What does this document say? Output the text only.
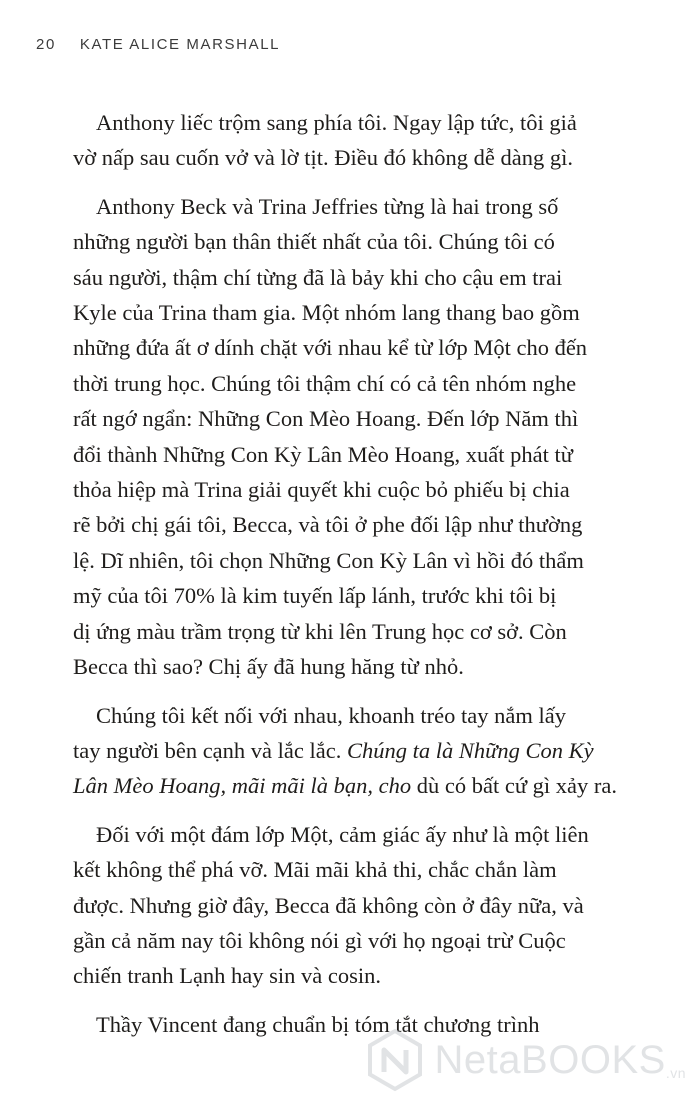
20 KATE ALICE MARSHALL
Anthony liếc trộm sang phía tôi. Ngay lập tức, tôi giả
vờ nấp sau cuốn vở và lờ tịt. Điều đó không dễ dàng gì.
Anthony Beck và Trina Jeffries từng là hai trong số
những người bạn thân thiết nhất của tôi. Chúng tôi có
sáu người, thậm chí từng đã là bảy khi cho cậu em trai
Kyle của Trina tham gia. Một nhóm lang thang bao gồm
những đứa ất ơ dính chặt với nhau kể từ lớp Một cho đến
thời trung học. Chúng tôi thậm chí có cả tên nhóm nghe
rất ngớ ngẩn: Những Con Mèo Hoang. Đến lớp Năm thì
đổi thành Những Con Kỳ Lân Mèo Hoang, xuất phát từ
thỏa hiệp mà Trina giải quyết khi cuộc bỏ phiếu bị chia
rẽ bởi chị gái tôi, Becca, và tôi ở phe đối lập như thường
lệ. Dĩ nhiên, tôi chọn Những Con Kỳ Lân vì hồi đó thẩm
mỹ của tôi 70% là kim tuyến lấp lánh, trước khi tôi bị
dị ứng màu trầm trọng từ khi lên Trung học cơ sở. Còn
Becca thì sao? Chị ấy đã hung hăng từ nhỏ.
Chúng tôi kết nối với nhau, khoanh tréo tay nắm lấy
tay người bên cạnh và lắc lắc. Chúng ta là Những Con Kỳ
Lân Mèo Hoang, mãi mãi là bạn, cho dù có bất cứ gì xảy ra.
Đối với một đám lớp Một, cảm giác ấy như là một liên
kết không thể phá vỡ. Mãi mãi khả thi, chắc chắn làm
được. Nhưng giờ đây, Becca đã không còn ở đây nữa, và
gần cả năm nay tôi không nói gì với họ ngoại trừ Cuộc
chiến tranh Lạnh hay sin và cosin.
Thầy Vincent đang chuẩn bị tóm tắt chương trình
NetaBOOKS.vn
